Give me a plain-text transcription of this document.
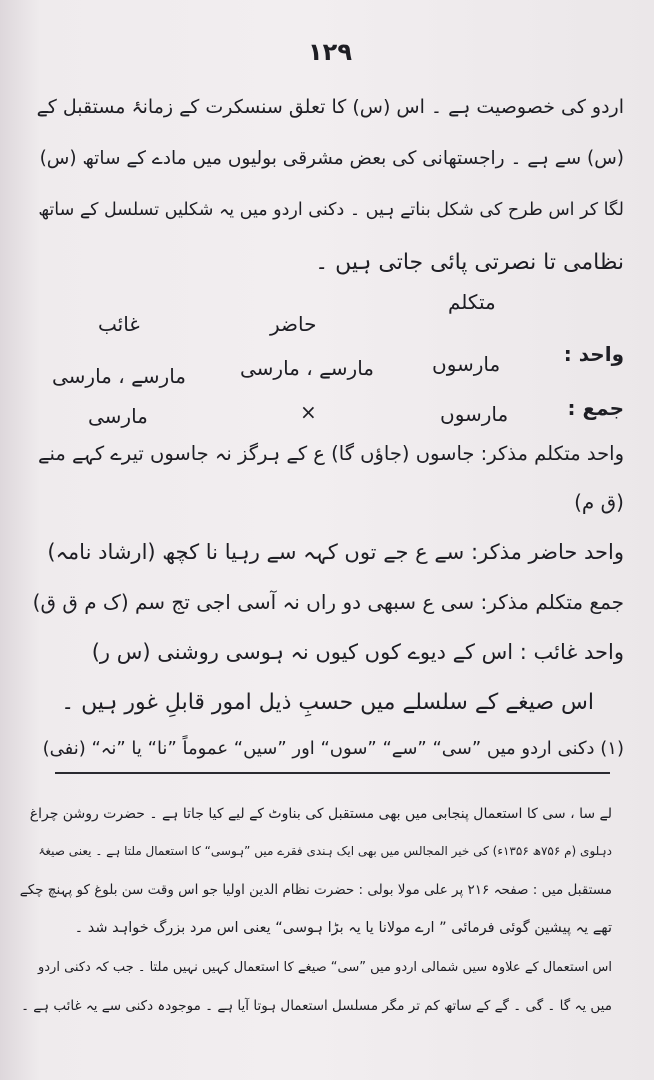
۱۲۹
اردو کی خصوصیت ہے ۔ اس (س) کا تعلق سنسکرت کے زمانۂ مستقبل کے
(س) سے ہے ۔ راجستھانی کی بعض مشرقی بولیوں میں مادے کے ساتھ (س)
لگا کر اس طرح کی شکل بناتے ہیں ۔ دکنی اردو میں یہ شکلیں تسلسل کے ساتھ
نظامی تا نصرتی پائی جاتی ہیں ۔
متکلم
حاضر
غائب
واحد :
مارسوں
مارسے ، مارسی
مارسے ، مارسی
جمع :
مارسوں
×
مارسی
واحد متکلم مذکر: جاسوں (جاؤں گا) ع کے ہرگز نہ جاسوں تیرے کہے منے
(ق م)
واحد حاضر مذکر: سے ع جے توں کہہ سے رہیا نا کچھ (ارشاد نامہ)
جمع متکلم مذکر: سی ع سبھی دو راں نہ آسی اجی تج سم (ک م ق ق)
واحد غائب : اس کے دیوے کوں کیوں نہ ہوسی روشنی (س ر)
اس صیغے کے سلسلے میں حسبِ ذیل امور قابلِ غور ہیں ۔
(۱) دکنی اردو میں ”سی“ ”سے“ ”سوں“ اور ”سیں“ عموماً ”نا“ یا ”نہ“ (نفی)
لے سا ، سی کا استعمال پنجابی میں بھی مستقبل کی بناوٹ کے لیے کیا جاتا ہے ۔ حضرت روشن چراغ
دہلوی (م ۷۵۶ھ ۱۳۵۶ء) کی خیر المجالس میں بھی ایک ہندی فقرے میں ”ہوسی“ کا استعمال ملتا ہے ۔ یعنی صیغۂ
مستقبل میں : صفحہ ۲۱۶ پر علی مولا بولی : حضرت نظام الدین اولیا جو اس وقت سن بلوغ کو پہنچ چکے
تھے یہ پیشین گوئی فرمائی ” ارے مولانا یا یہ بڑا ہوسی“ یعنی اس مرد بزرگ خواہد شد ۔
اس استعمال کے علاوہ سیں شمالی اردو میں ”سی“ صیغے کا استعمال کہیں نہیں ملتا ۔ جب کہ دکنی اردو
میں یہ گا ۔ گی ۔ گے کے ساتھ کم تر مگر مسلسل استعمال ہوتا آیا ہے ۔ موجودہ دکنی سے یہ غائب ہے ۔
